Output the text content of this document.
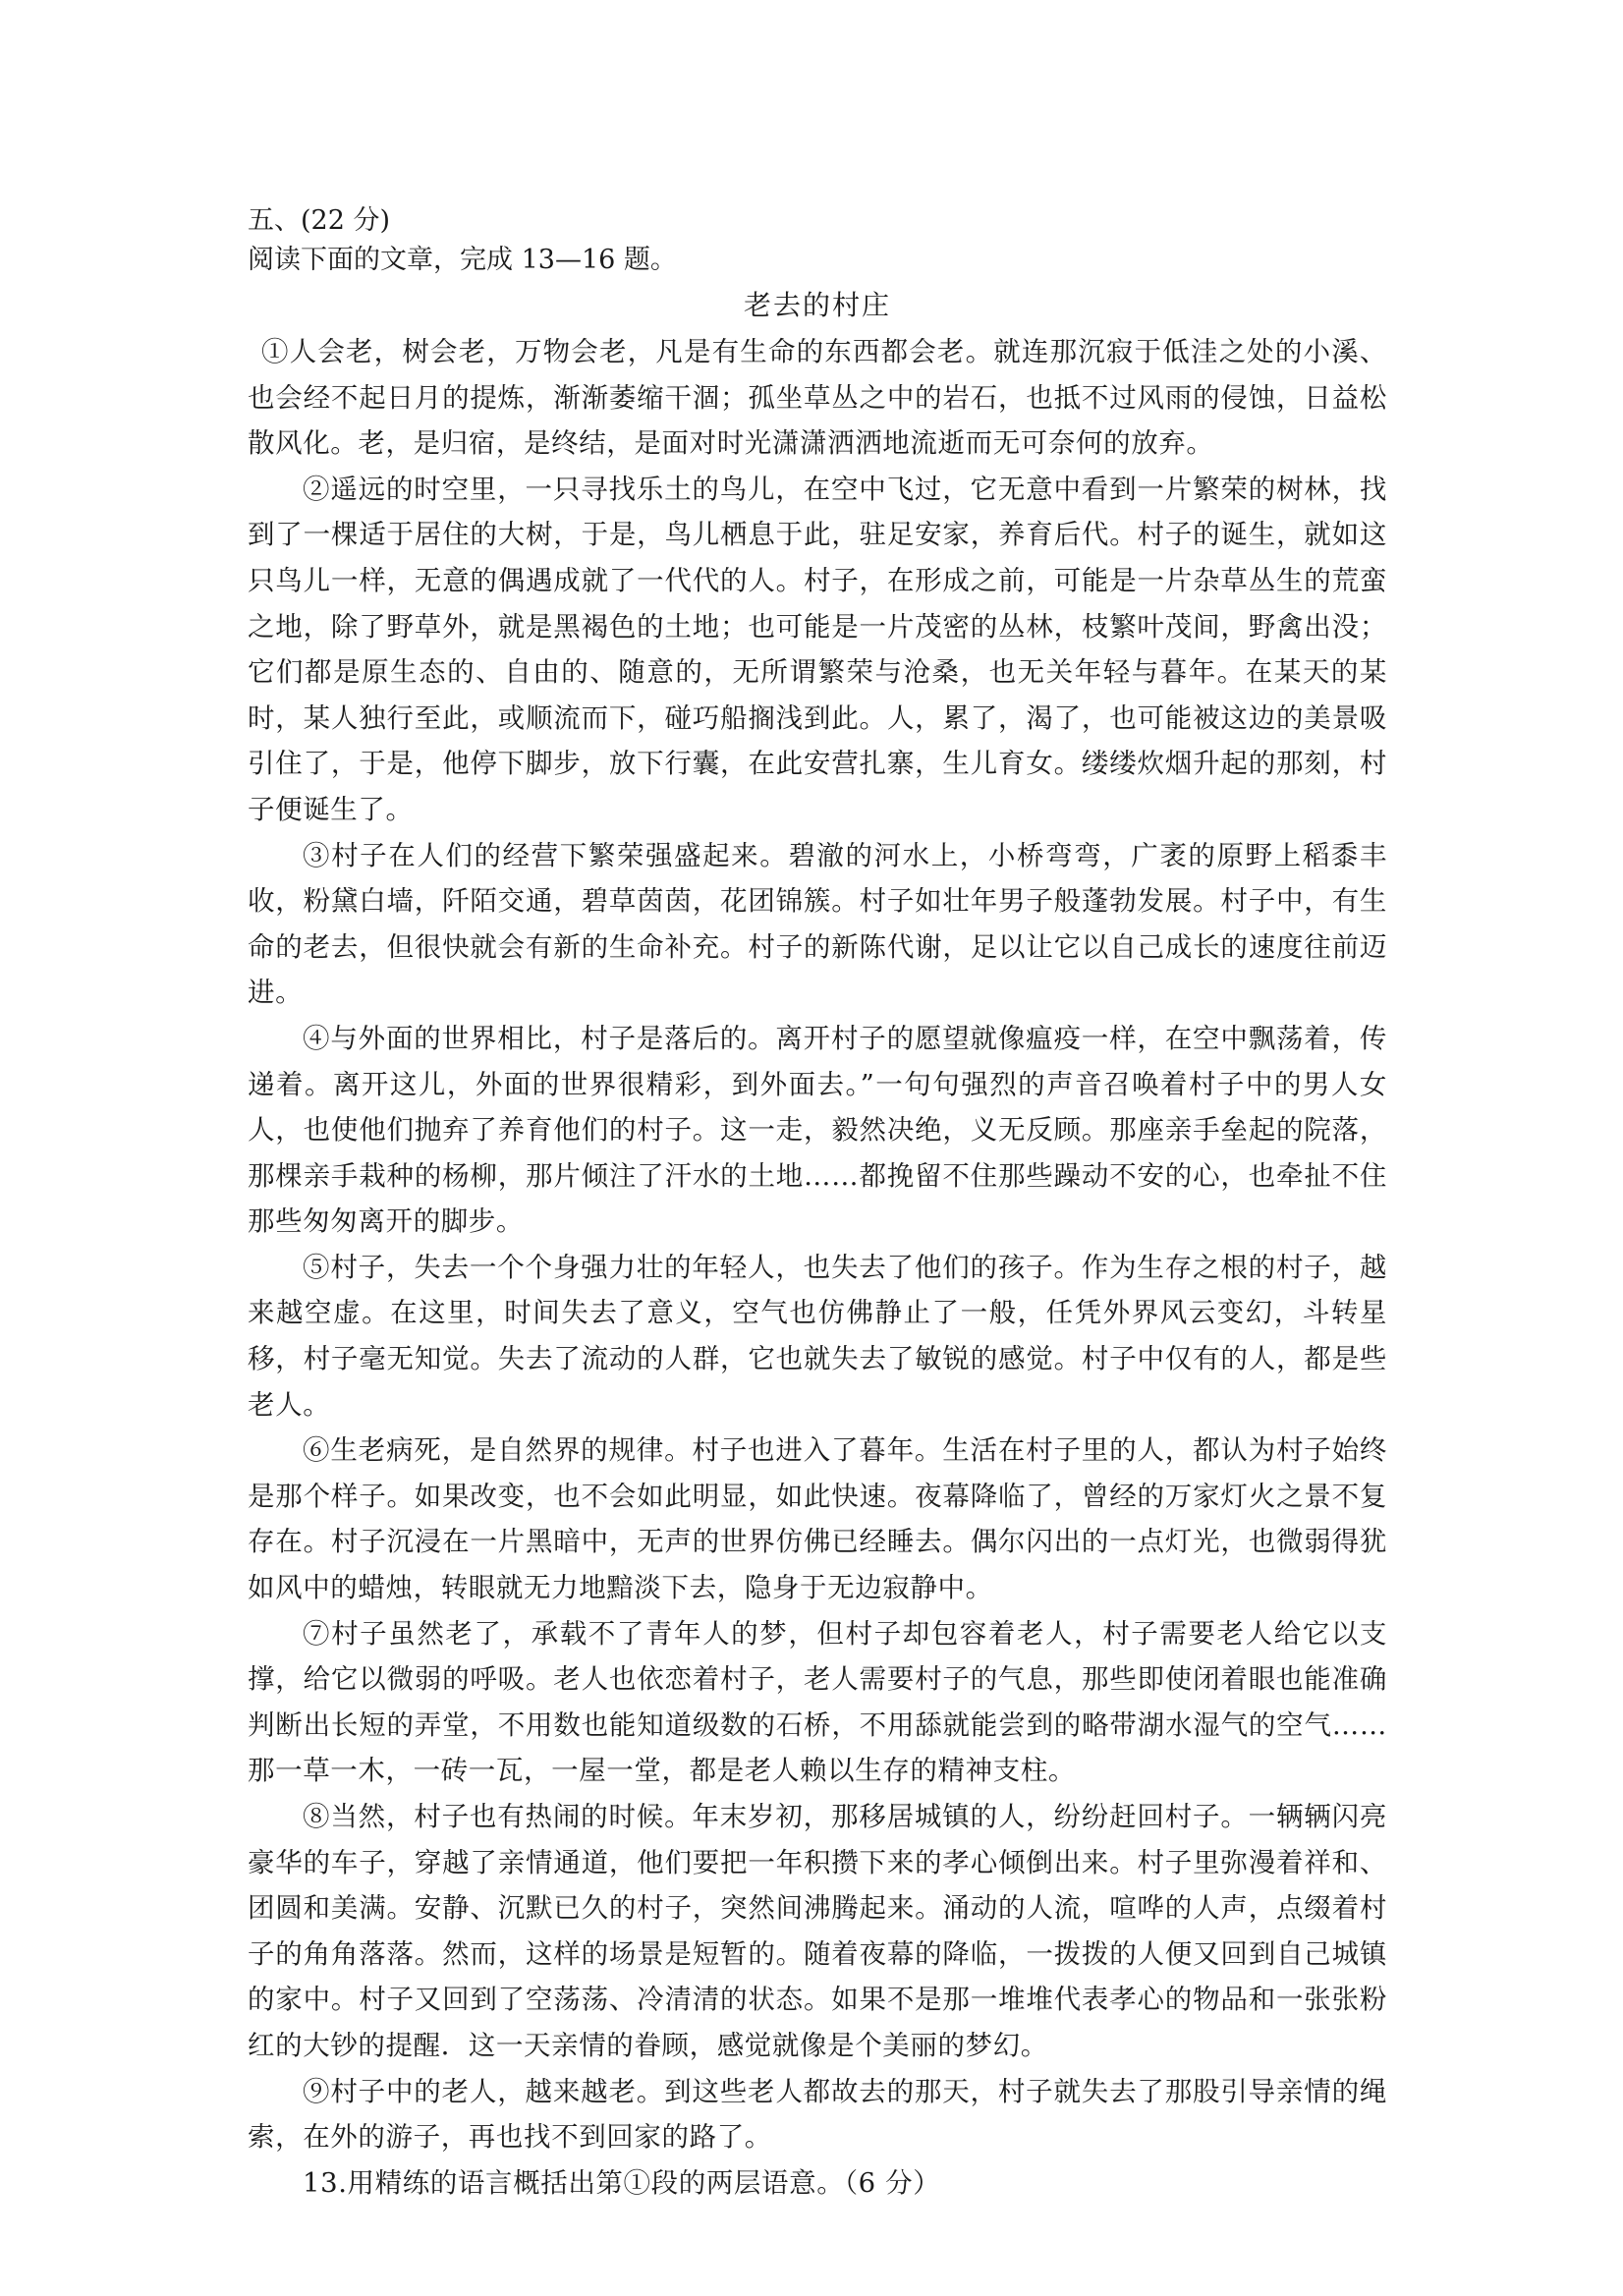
五、(22 分)

阅读下面的文章，完成 13—16 题。

老去的村庄

①人会老，树会老，万物会老，凡是有生命的东西都会老。就连那沉寂于低洼之处的小溪、也会经不起日月的提炼，渐渐萎缩干涸；孤坐草丛之中的岩石，也抵不过风雨的侵蚀，日益松散风化。老，是归宿，是终结，是面对时光潇潇洒洒地流逝而无可奈何的放弃。

②遥远的时空里，一只寻找乐土的鸟儿，在空中飞过，它无意中看到一片繁荣的树林，找到了一棵适于居住的大树，于是，鸟儿栖息于此，驻足安家，养育后代。村子的诞生，就如这只鸟儿一样，无意的偶遇成就了一代代的人。村子，在形成之前，可能是一片杂草丛生的荒蛮之地，除了野草外，就是黑褐色的土地；也可能是一片茂密的丛林，枝繁叶茂间，野禽出没；它们都是原生态的、自由的、随意的，无所谓繁荣与沧桑，也无关年轻与暮年。在某天的某时，某人独行至此，或顺流而下，碰巧船搁浅到此。人，累了，渴了，也可能被这边的美景吸引住了，于是，他停下脚步，放下行囊，在此安营扎寨，生儿育女。缕缕炊烟升起的那刻，村子便诞生了。

③村子在人们的经营下繁荣强盛起来。碧澈的河水上，小桥弯弯，广袤的原野上稻黍丰收，粉黛白墙，阡陌交通，碧草茵茵，花团锦簇。村子如壮年男子般蓬勃发展。村子中，有生命的老去，但很快就会有新的生命补充。村子的新陈代谢，足以让它以自己成长的速度往前迈进。

④与外面的世界相比，村子是落后的。离开村子的愿望就像瘟疫一样，在空中飘荡着，传递着。离开这儿，外面的世界很精彩，到外面去。”一句句强烈的声音召唤着村子中的男人女人，也使他们抛弃了养育他们的村子。这一走，毅然决绝，义无反顾。那座亲手垒起的院落，那棵亲手栽种的杨柳，那片倾注了汗水的土地……都挽留不住那些躁动不安的心，也牵扯不住那些匆匆离开的脚步。

⑤村子，失去一个个身强力壮的年轻人，也失去了他们的孩子。作为生存之根的村子，越来越空虚。在这里，时间失去了意义，空气也仿佛静止了一般，任凭外界风云变幻，斗转星移，村子毫无知觉。失去了流动的人群，它也就失去了敏锐的感觉。村子中仅有的人，都是些老人。

⑥生老病死，是自然界的规律。村子也进入了暮年。生活在村子里的人，都认为村子始终是那个样子。如果改变，也不会如此明显，如此快速。夜幕降临了，曾经的万家灯火之景不复存在。村子沉浸在一片黑暗中，无声的世界仿佛已经睡去。偶尔闪出的一点灯光，也微弱得犹如风中的蜡烛，转眼就无力地黯淡下去，隐身于无边寂静中。

⑦村子虽然老了，承载不了青年人的梦，但村子却包容着老人，村子需要老人给它以支撑，给它以微弱的呼吸。老人也依恋着村子，老人需要村子的气息，那些即使闭着眼也能准确判断出长短的弄堂，不用数也能知道级数的石桥，不用舔就能尝到的略带湖水湿气的空气……那一草一木，一砖一瓦，一屋一堂，都是老人赖以生存的精神支柱。

⑧当然，村子也有热闹的时候。年末岁初，那移居城镇的人，纷纷赶回村子。一辆辆闪亮豪华的车子，穿越了亲情通道，他们要把一年积攒下来的孝心倾倒出来。村子里弥漫着祥和、团圆和美满。安静、沉默已久的村子，突然间沸腾起来。涌动的人流，喧哗的人声，点缀着村子的角角落落。然而，这样的场景是短暂的。随着夜幕的降临，一拨拨的人便又回到自己城镇的家中。村子又回到了空荡荡、冷清清的状态。如果不是那一堆堆代表孝心的物品和一张张粉红的大钞的提醒．这一天亲情的眷顾，感觉就像是个美丽的梦幻。

⑨村子中的老人，越来越老。到这些老人都故去的那天，村子就失去了那股引导亲情的绳索，在外的游子，再也找不到回家的路了。

13.用精练的语言概括出第①段的两层语意。（6 分）
